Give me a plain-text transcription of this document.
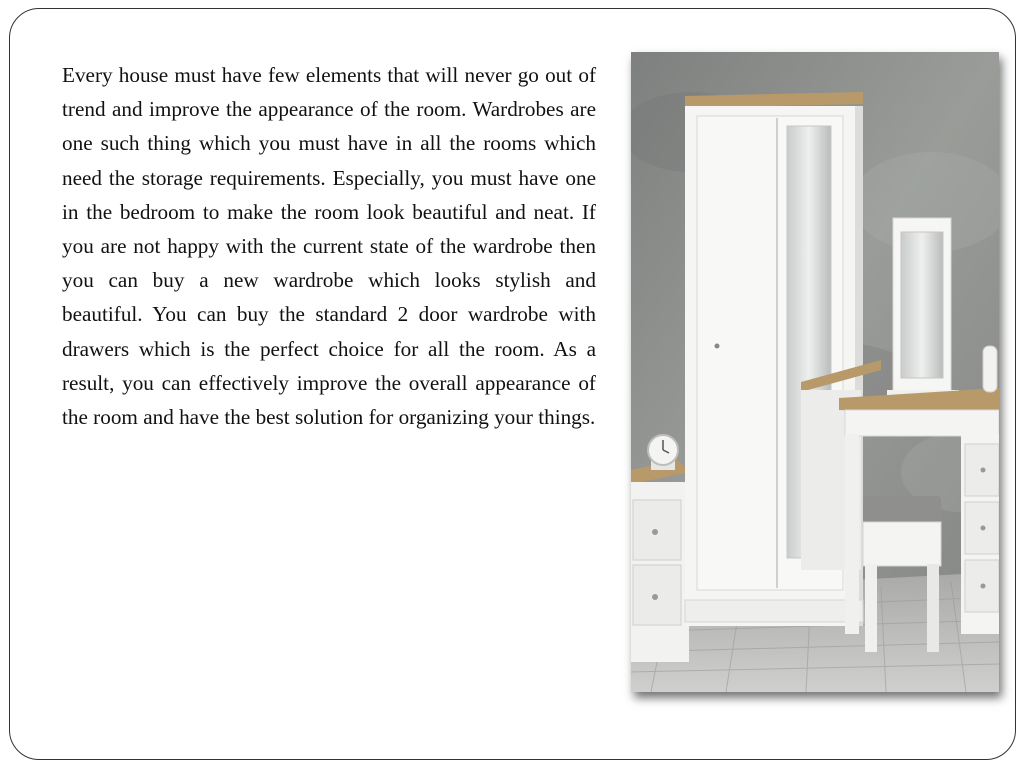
Every house must have few elements that will never go out of trend and improve the appearance of the room. Wardrobes are one such thing which you must have in all the rooms which need the storage requirements. Especially, you must have one in the bedroom to make the room look beautiful and neat. If you are not happy with the current state of the wardrobe then you can buy a new wardrobe which looks stylish and beautiful. You can buy the standard 2 door wardrobe with drawers which is the perfect choice for all the room. As a result, you can effectively improve the overall appearance of the room and have the best solution for organizing your things.
